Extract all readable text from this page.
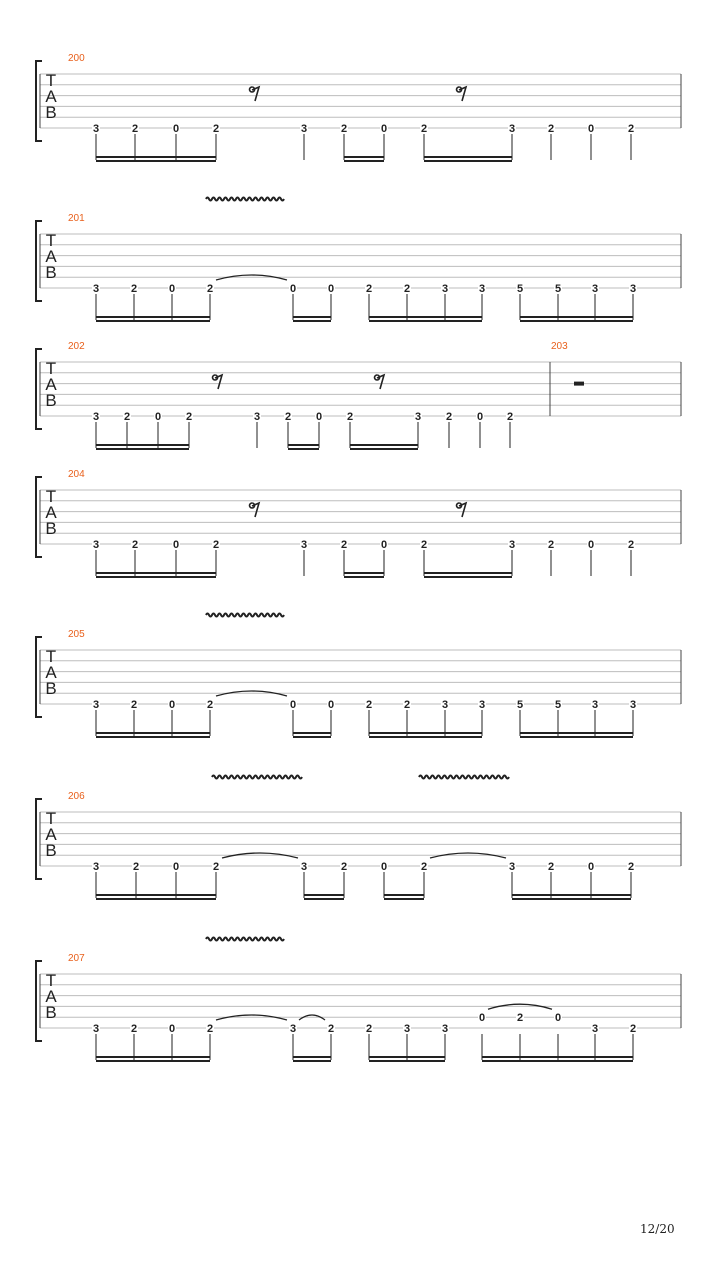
T
A
B
200
3	2	0	2	3	2	0	2	3	2	0	2
T
A
B
201
3	2	0	2	0	0	2	2	3	3	5	5	3	3
T
A
B
202	203
3 2 0 2	3 2 0 2	3 2 0 2
T
A
B
204
3	2	0	2	3	2	0	2	3	2	0	2
T
A
B
205
3	2	0	2	0	0	2	2	3	3	5	5	3	3
T
A
B
206
3	2	0	2	3	2	0	2	3	2	0	2
T
A
B
207
3	2	0	2	3	2	2	3	3
0	2	0
3	2
12/20
